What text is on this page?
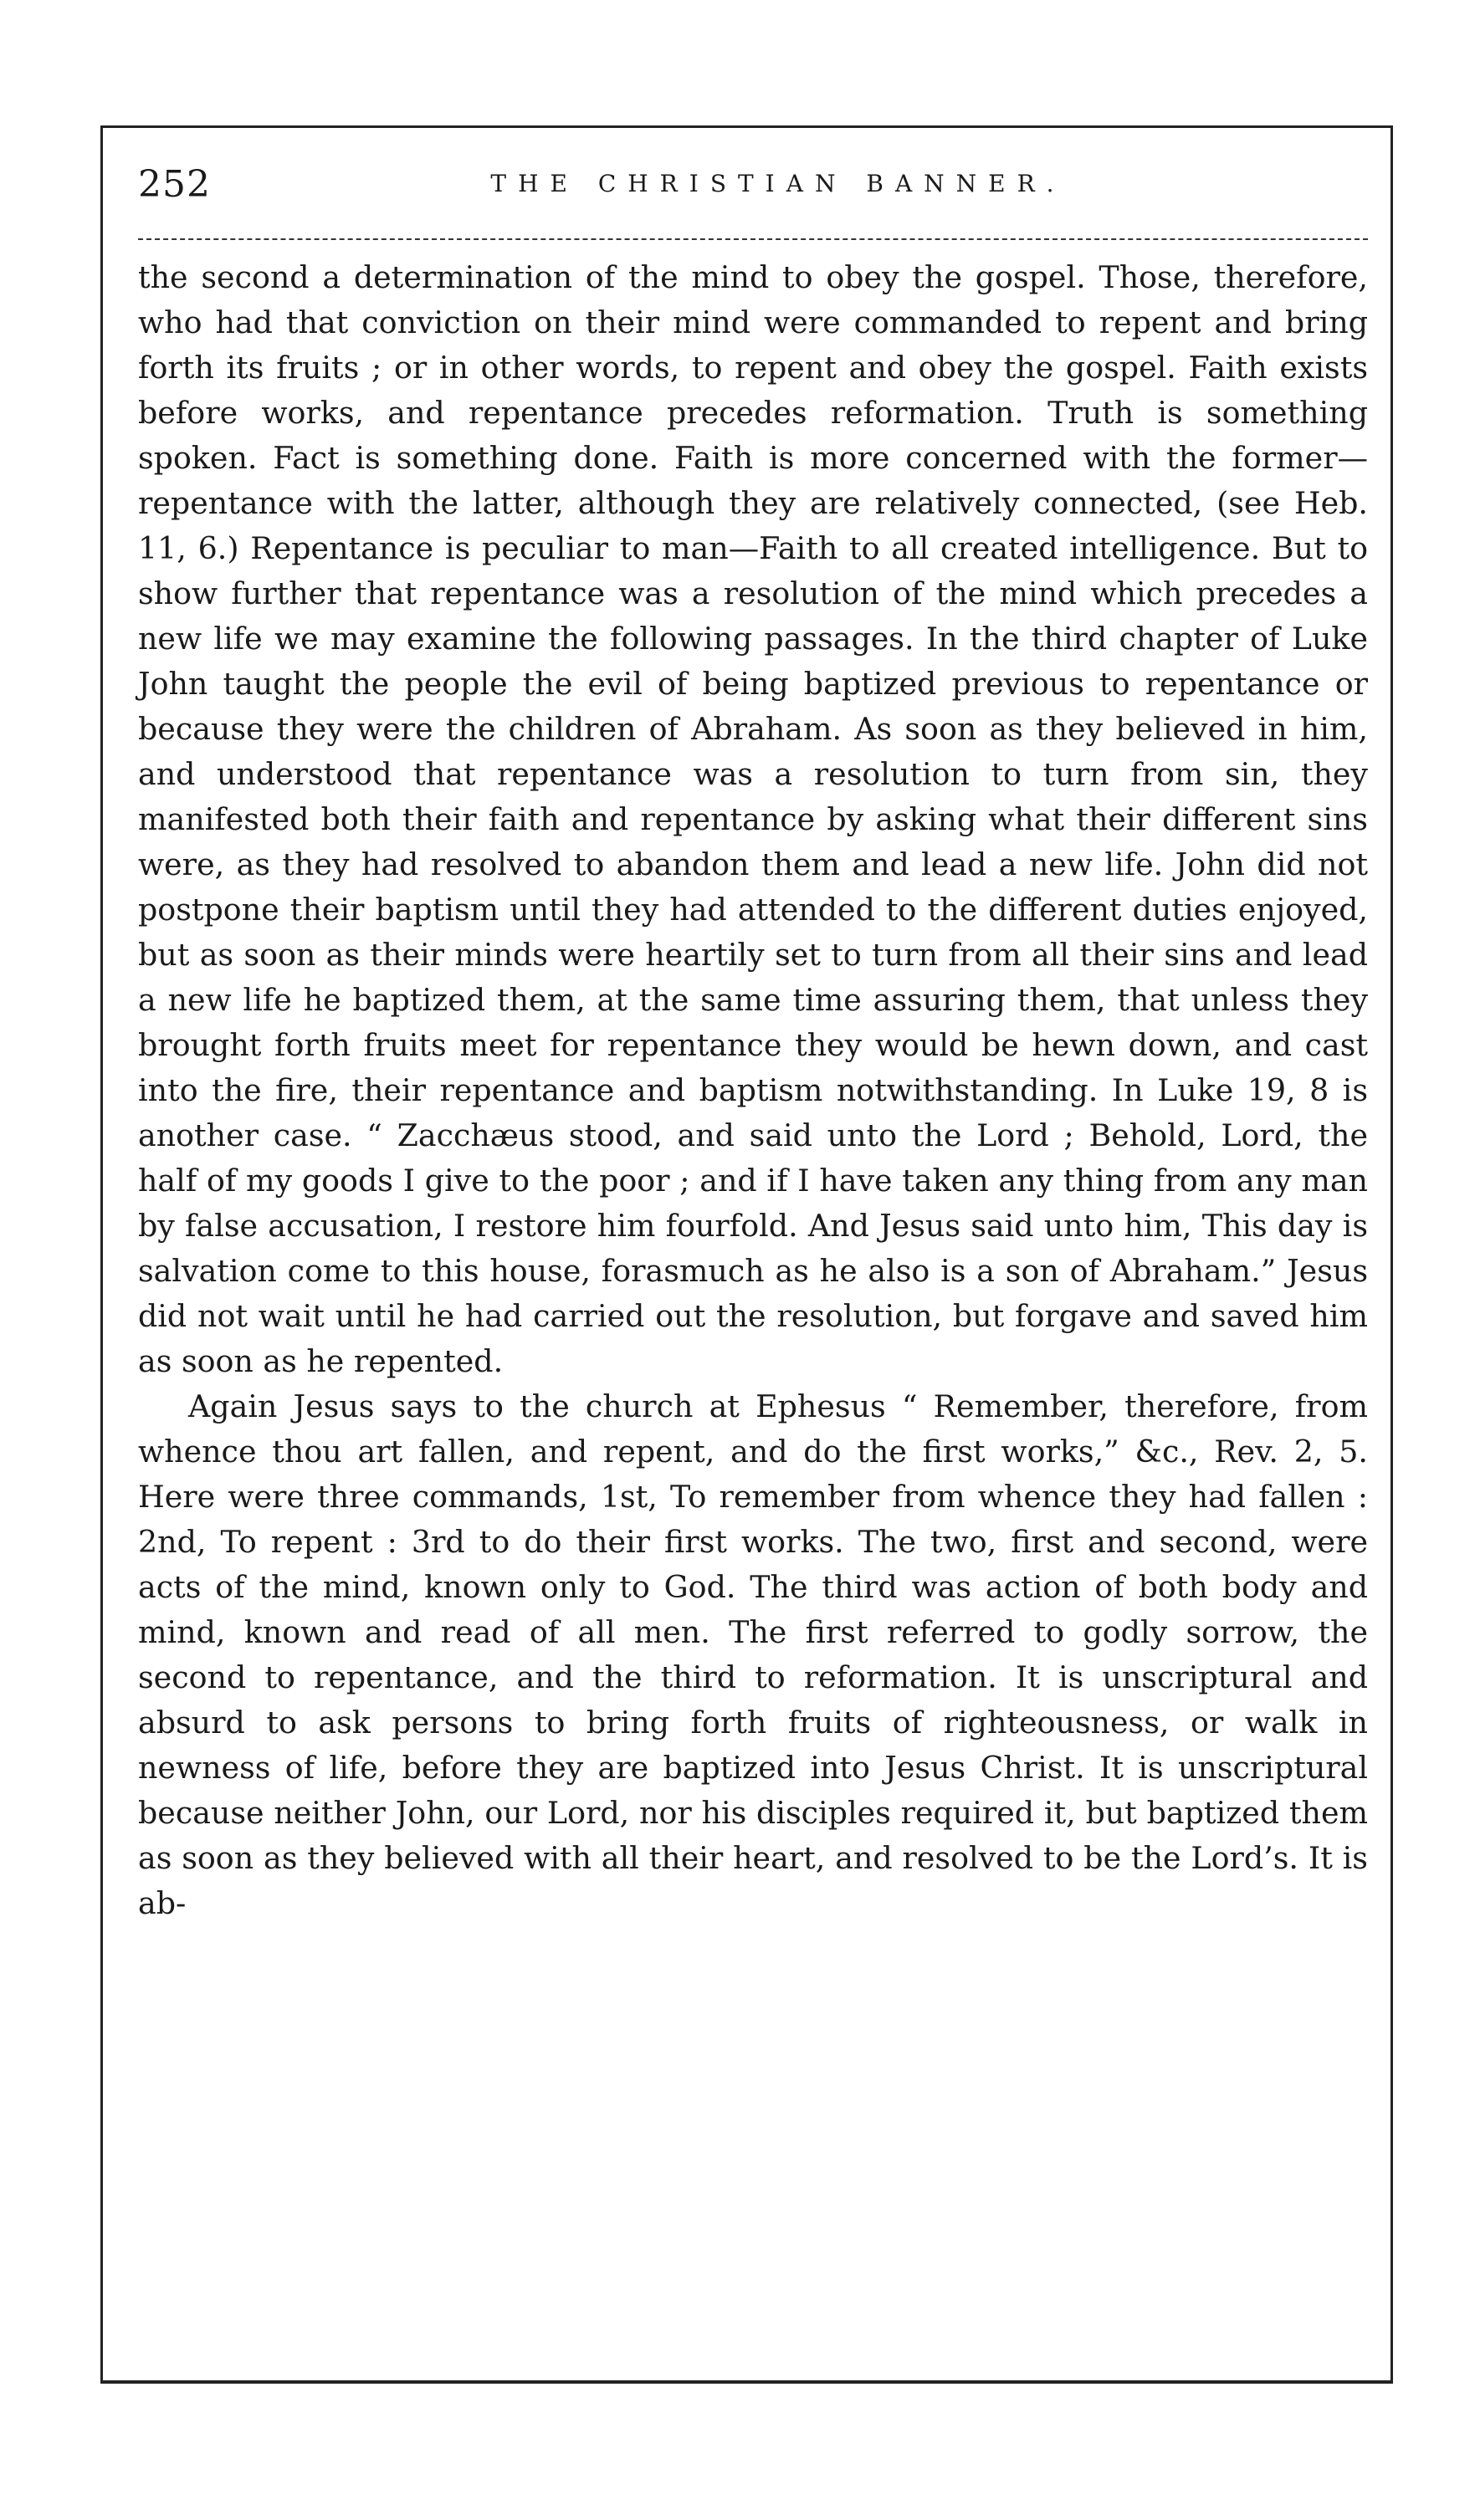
252	THE CHRISTIAN BANNER.

the second a determination of the mind to obey the gospel. Those, therefore, who had that conviction on their mind were commanded to repent and bring forth its fruits ; or in other words, to repent and obey the gospel. Faith exists before works, and repentance precedes reformation. Truth is something spoken. Fact is something done. Faith is more concerned with the former—repentance with the latter, although they are relatively connected, (see Heb. 11, 6.) Repentance is peculiar to man—Faith to all created intelligence. But to show further that repentance was a resolution of the mind which precedes a new life we may examine the following passages. In the third chapter of Luke John taught the people the evil of being baptized previous to repentance or because they were the children of Abraham. As soon as they believed in him, and understood that repentance was a resolution to turn from sin, they manifested both their faith and repentance by asking what their different sins were, as they had resolved to abandon them and lead a new life. John did not postpone their baptism until they had attended to the different duties enjoyed, but as soon as their minds were heartily set to turn from all their sins and lead a new life he baptized them, at the same time assuring them, that unless they brought forth fruits meet for repentance they would be hewn down, and cast into the fire, their repentance and baptism notwithstanding. In Luke 19, 8 is another case. “ Zacchæus stood, and said unto the Lord ; Behold, Lord, the half of my goods I give to the poor ; and if I have taken any thing from any man by false accusation, I restore him fourfold. And Jesus said unto him, This day is salvation come to this house, forasmuch as he also is a son of Abraham.” Jesus did not wait until he had carried out the resolution, but forgave and saved him as soon as he repented.

Again Jesus says to the church at Ephesus “ Remember, therefore, from whence thou art fallen, and repent, and do the first works,” &c., Rev. 2, 5. Here were three commands, 1st, To remember from whence they had fallen : 2nd, To repent : 3rd to do their first works. The two, first and second, were acts of the mind, known only to God. The third was action of both body and mind, known and read of all men. The first referred to godly sorrow, the second to repentance, and the third to reformation. It is unscriptural and absurd to ask persons to bring forth fruits of righteousness, or walk in newness of life, before they are baptized into Jesus Christ. It is unscriptural because neither John, our Lord, nor his disciples required it, but baptized them as soon as they believed with all their heart, and resolved to be the Lord’s. It is ab-
